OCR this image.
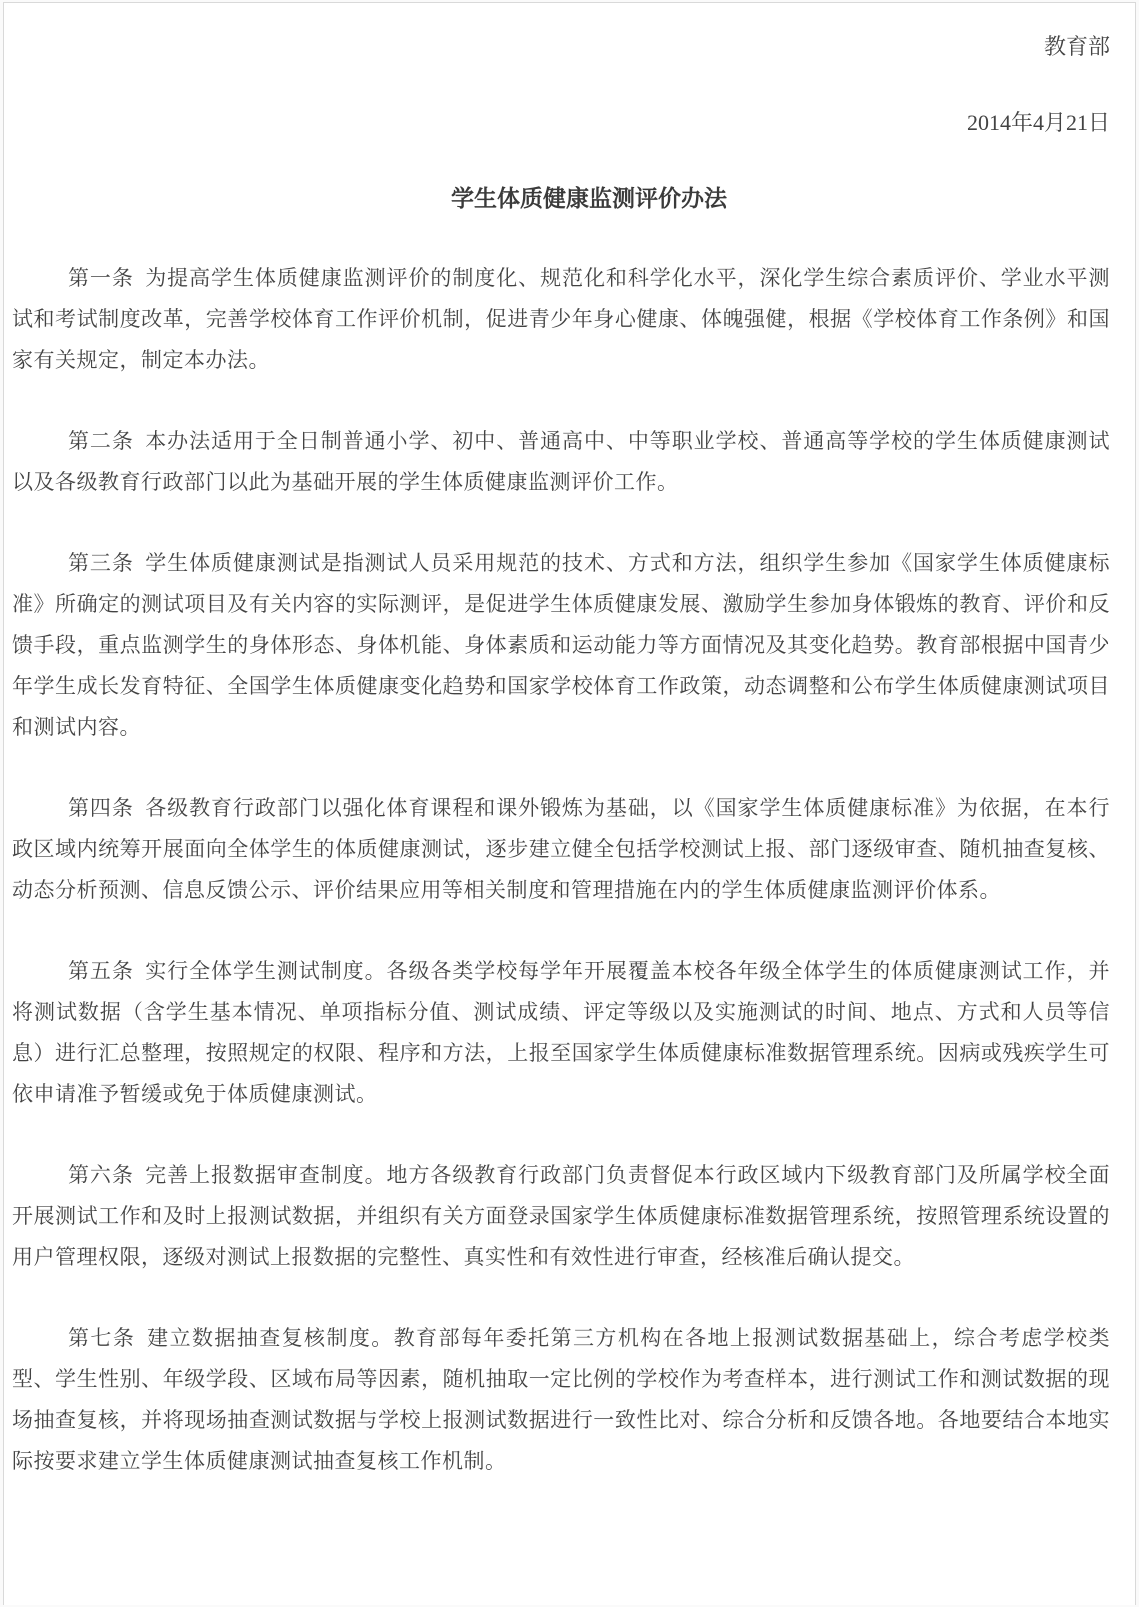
教育部
2014年4月21日
学生体质健康监测评价办法

第一条 为提高学生体质健康监测评价的制度化、规范化和科学化水平，深化学生综合素质评价、学业水平测试和考试制度改革，完善学校体育工作评价机制，促进青少年身心健康、体魄强健，根据《学校体育工作条例》和国家有关规定，制定本办法。

第二条 本办法适用于全日制普通小学、初中、普通高中、中等职业学校、普通高等学校的学生体质健康测试以及各级教育行政部门以此为基础开展的学生体质健康监测评价工作。

第三条 学生体质健康测试是指测试人员采用规范的技术、方式和方法，组织学生参加《国家学生体质健康标准》所确定的测试项目及有关内容的实际测评，是促进学生体质健康发展、激励学生参加身体锻炼的教育、评价和反馈手段，重点监测学生的身体形态、身体机能、身体素质和运动能力等方面情况及其变化趋势。教育部根据中国青少年学生成长发育特征、全国学生体质健康变化趋势和国家学校体育工作政策，动态调整和公布学生体质健康测试项目和测试内容。

第四条 各级教育行政部门以强化体育课程和课外锻炼为基础，以《国家学生体质健康标准》为依据，在本行政区域内统筹开展面向全体学生的体质健康测试，逐步建立健全包括学校测试上报、部门逐级审查、随机抽查复核、动态分析预测、信息反馈公示、评价结果应用等相关制度和管理措施在内的学生体质健康监测评价体系。

第五条 实行全体学生测试制度。各级各类学校每学年开展覆盖本校各年级全体学生的体质健康测试工作，并将测试数据（含学生基本情况、单项指标分值、测试成绩、评定等级以及实施测试的时间、地点、方式和人员等信息）进行汇总整理，按照规定的权限、程序和方法，上报至国家学生体质健康标准数据管理系统。因病或残疾学生可依申请准予暂缓或免于体质健康测试。

第六条 完善上报数据审查制度。地方各级教育行政部门负责督促本行政区域内下级教育部门及所属学校全面开展测试工作和及时上报测试数据，并组织有关方面登录国家学生体质健康标准数据管理系统，按照管理系统设置的用户管理权限，逐级对测试上报数据的完整性、真实性和有效性进行审查，经核准后确认提交。

第七条 建立数据抽查复核制度。教育部每年委托第三方机构在各地上报测试数据基础上，综合考虑学校类型、学生性别、年级学段、区域布局等因素，随机抽取一定比例的学校作为考查样本，进行测试工作和测试数据的现场抽查复核，并将现场抽查测试数据与学校上报测试数据进行一致性比对、综合分析和反馈各地。各地要结合本地实际按要求建立学生体质健康测试抽查复核工作机制。
